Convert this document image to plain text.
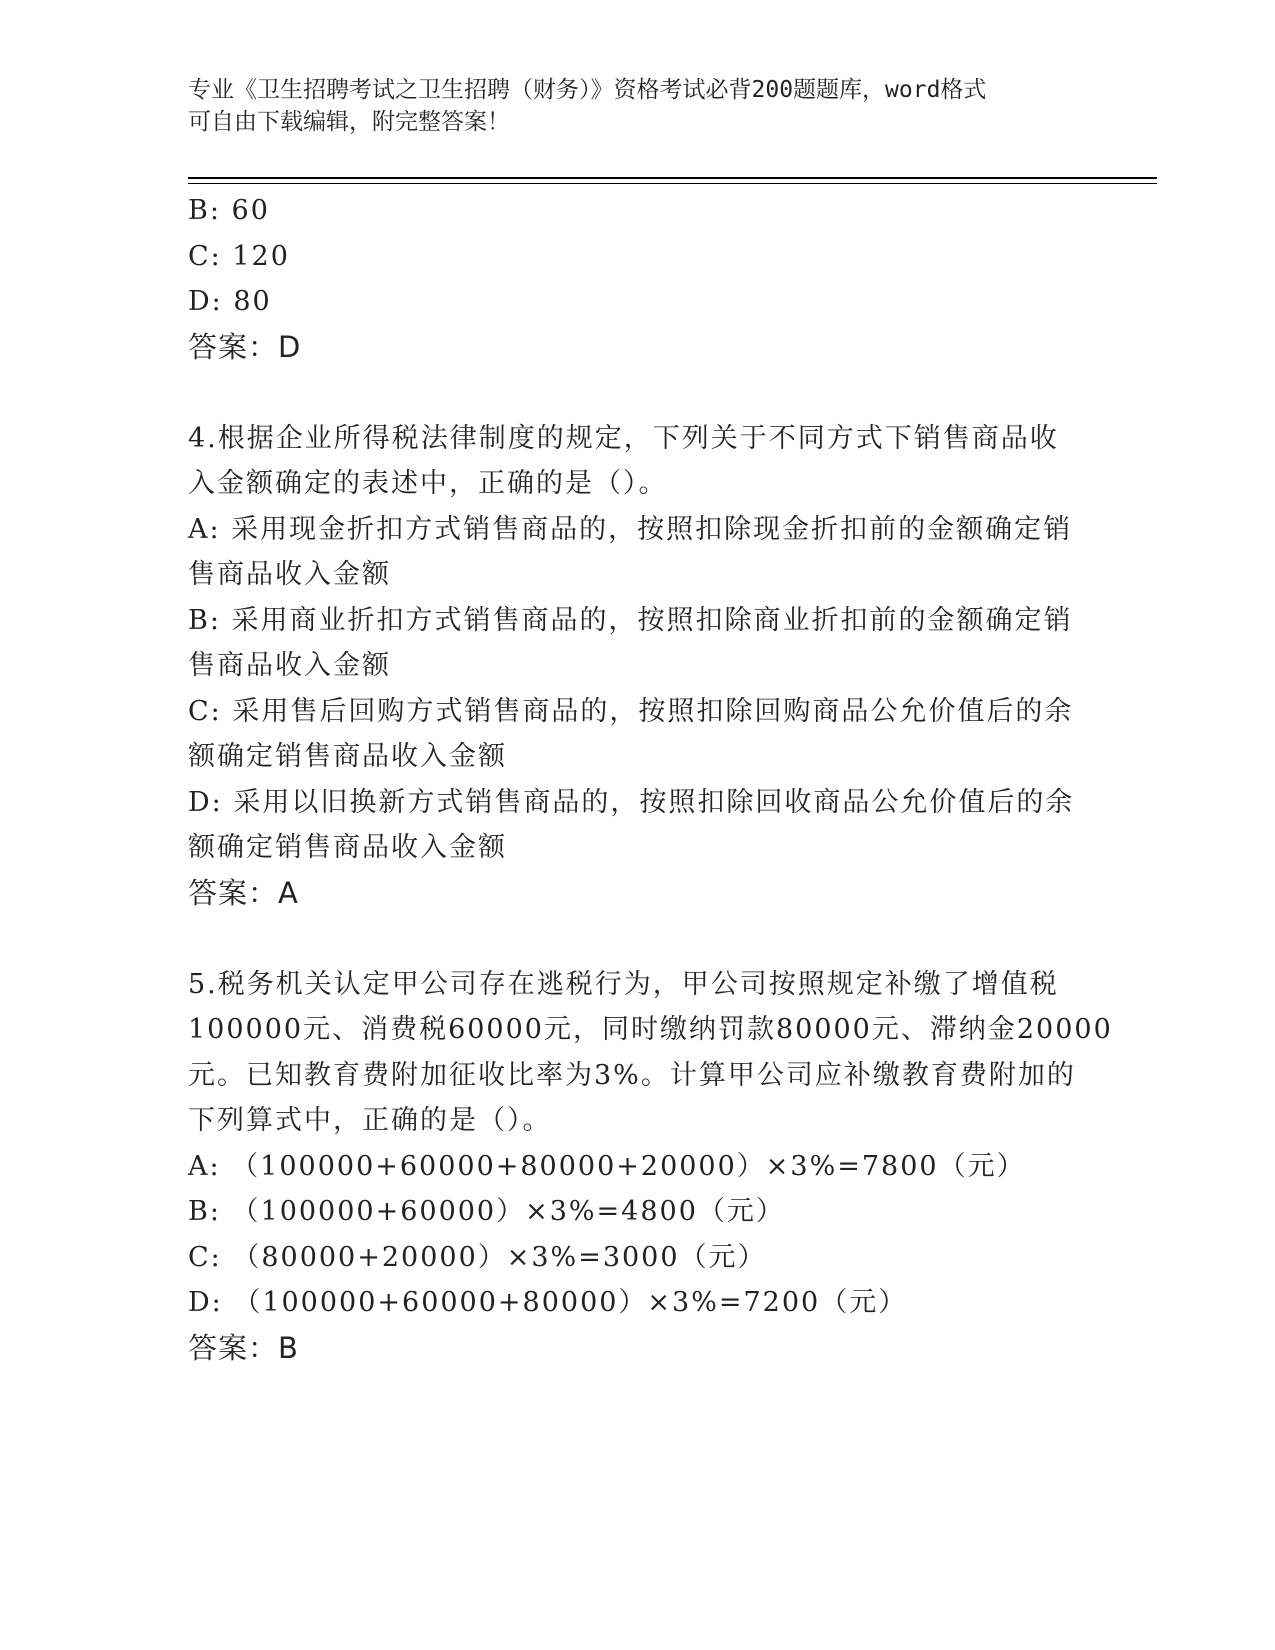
专业《卫生招聘考试之卫生招聘（财务）》资格考试必背200题题库，word格式
可自由下载编辑，附完整答案！
B: 60
C: 120
D: 80
答案：D
4.根据企业所得税法律制度的规定，下列关于不同方式下销售商品收
入金额确定的表述中，正确的是（）。
A: 采用现金折扣方式销售商品的，按照扣除现金折扣前的金额确定销
售商品收入金额
B: 采用商业折扣方式销售商品的，按照扣除商业折扣前的金额确定销
售商品收入金额
C: 采用售后回购方式销售商品的，按照扣除回购商品公允价值后的余
额确定销售商品收入金额
D: 采用以旧换新方式销售商品的，按照扣除回收商品公允价值后的余
额确定销售商品收入金额
答案：A
5.税务机关认定甲公司存在逃税行为，甲公司按照规定补缴了增值税
100000元、消费税60000元，同时缴纳罚款80000元、滞纳金20000
元。已知教育费附加征收比率为3%。计算甲公司应补缴教育费附加的
下列算式中，正确的是（）。
A: （100000+60000+80000+20000）×3%=7800（元）
B: （100000+60000）×3%=4800（元）
C: （80000+20000）×3%=3000（元）
D: （100000+60000+80000）×3%=7200（元）
答案：B
